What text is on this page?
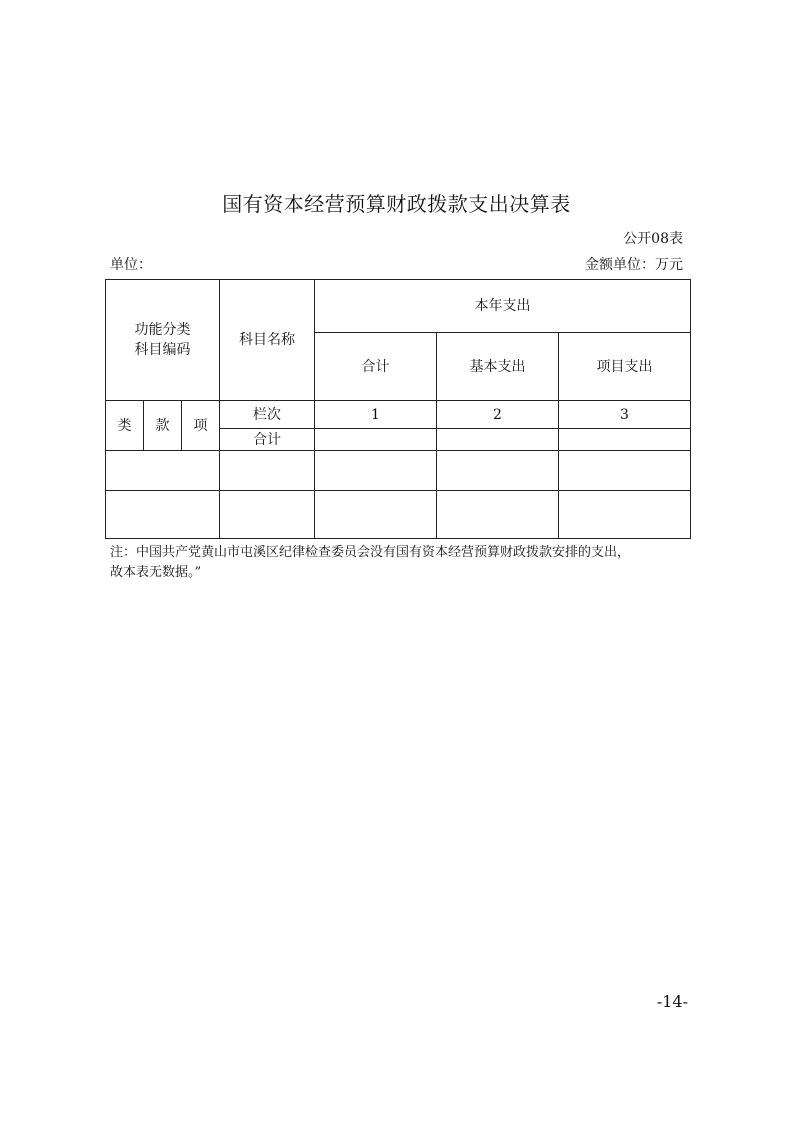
国有资本经营预算财政拨款支出决算表
公开08表
单位：	金额单位：万元
功能分类
科目编码			科目名称	本年支出		
				合计	基本支出	项目支出
类	款	项	栏次	1	2	3
			合计			

注：中国共产党黄山市屯溪区纪律检查委员会没有国有资本经营预算财政拨款安排的支出，
故本表无数据。”
-14-
